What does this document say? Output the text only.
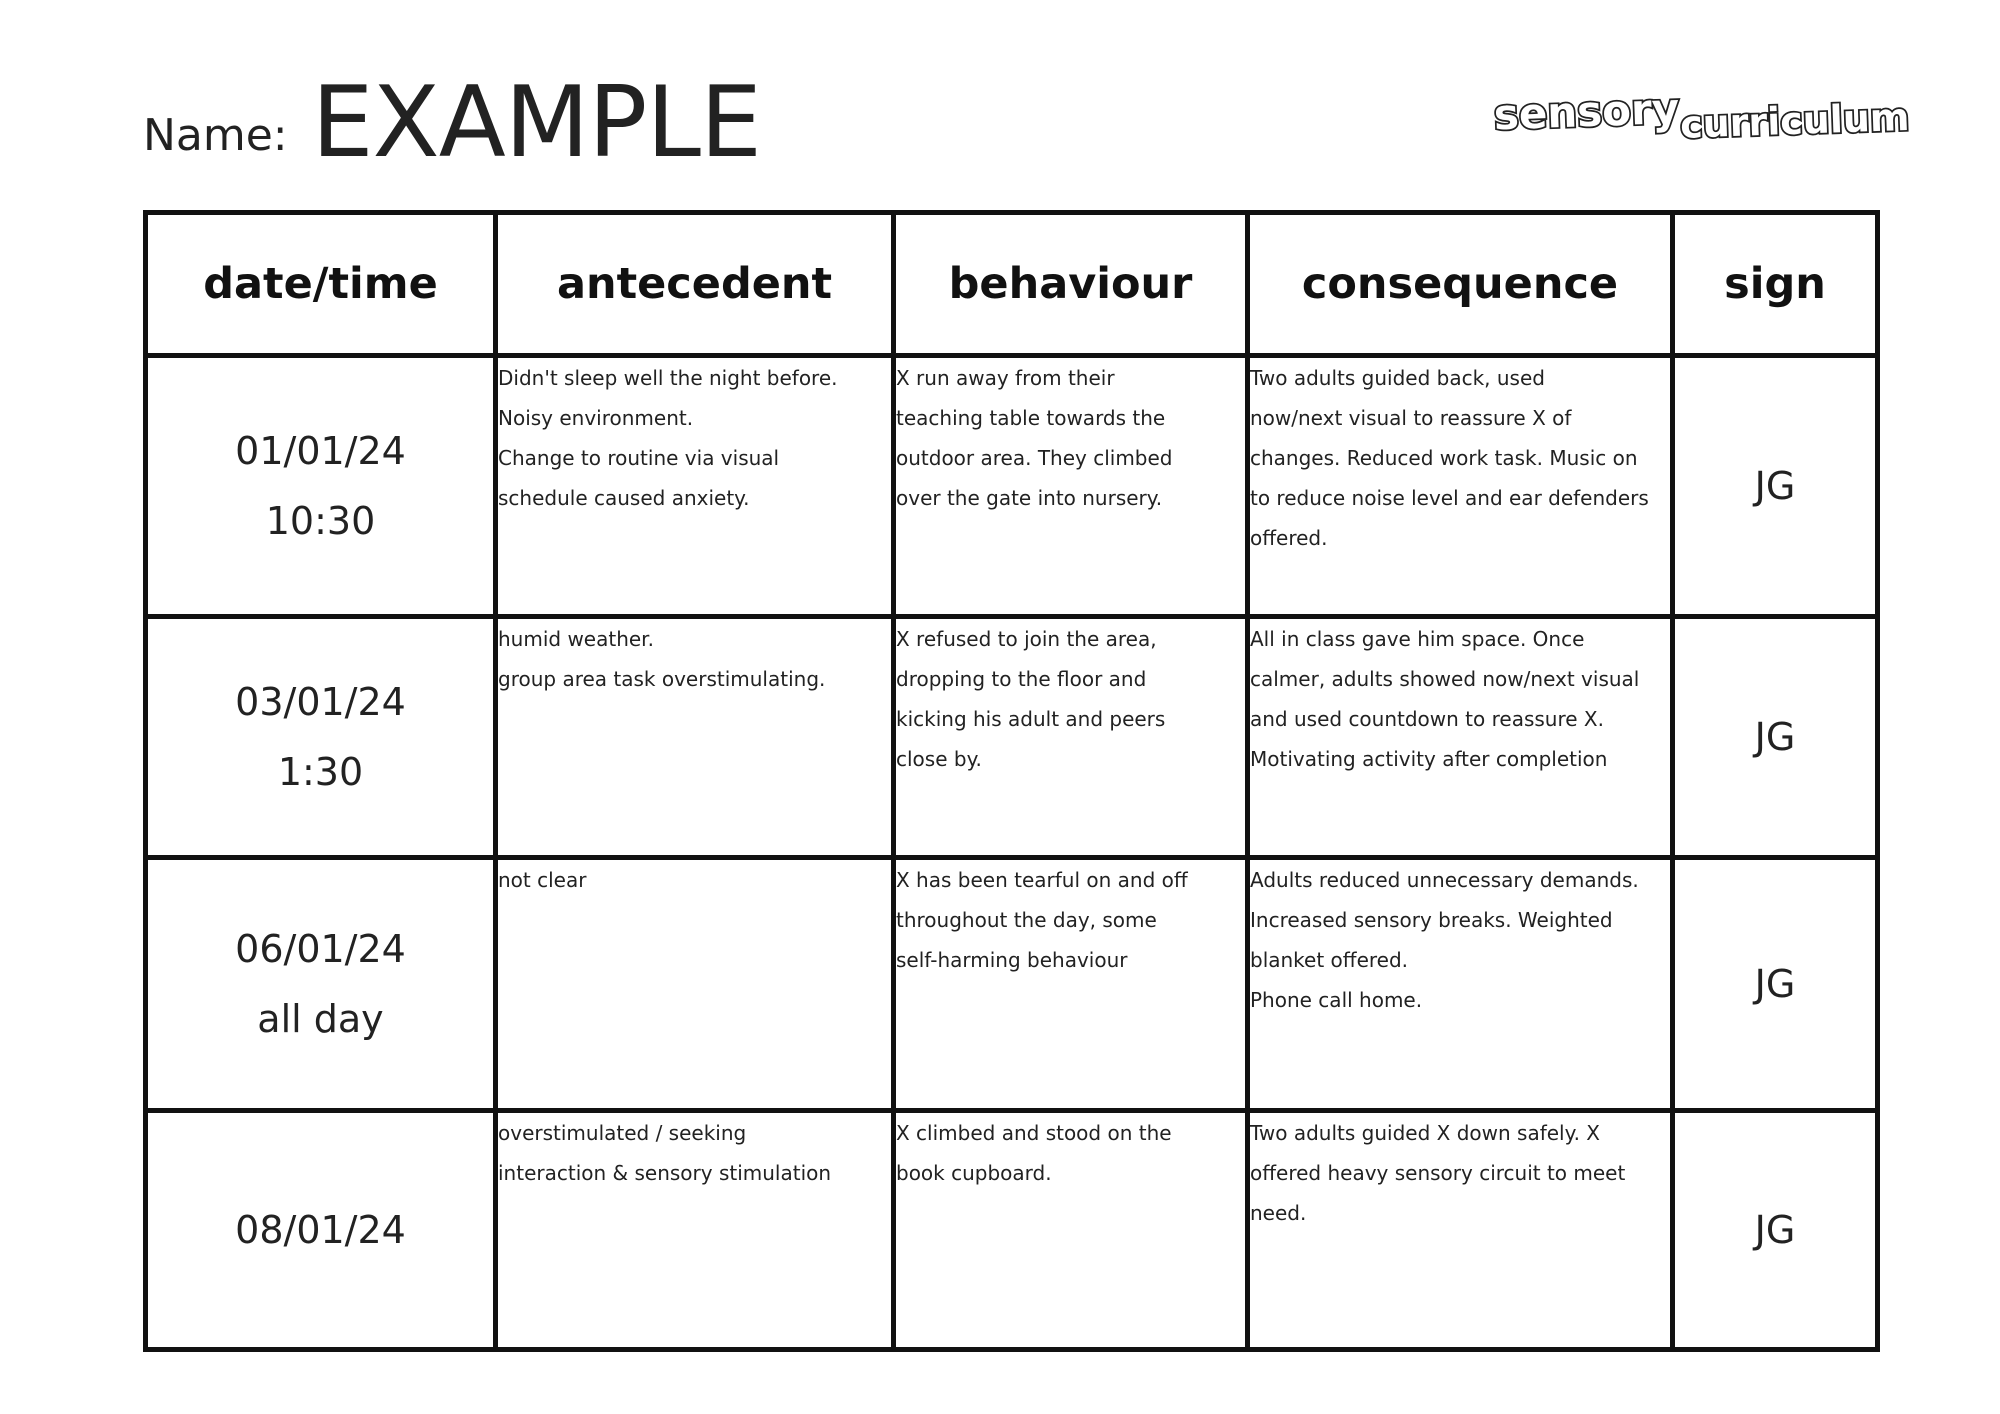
Name: EXAMPLE	sensory curriculum
date/time	antecedent	behaviour	consequence	sign

01/01/24
10:30	Didn't sleep well the night before.
Noisy environment.
Change to routine via visual
schedule caused anxiety.	X run away from their
teaching table towards the
outdoor area. They climbed
over the gate into nursery.	Two adults guided back, used
now/next visual to reassure X of
changes. Reduced work task. Music on
to reduce noise level and ear defenders
offered.	JG

03/01/24
1:30	humid weather.
group area task overstimulating.	X refused to join the area,
dropping to the floor and
kicking his adult and peers
close by.	All in class gave him space. Once
calmer, adults showed now/next visual
and used countdown to reassure X.
Motivating activity after completion	JG

06/01/24
all day	not clear	X has been tearful on and off
throughout the day, some
self-harming behaviour	Adults reduced unnecessary demands.
Increased sensory breaks. Weighted
blanket offered.
Phone call home.	JG

08/01/24	overstimulated / seeking
interaction & sensory stimulation	X climbed and stood on the
book cupboard.	Two adults guided X down safely. X
offered heavy sensory circuit to meet
need.	JG
